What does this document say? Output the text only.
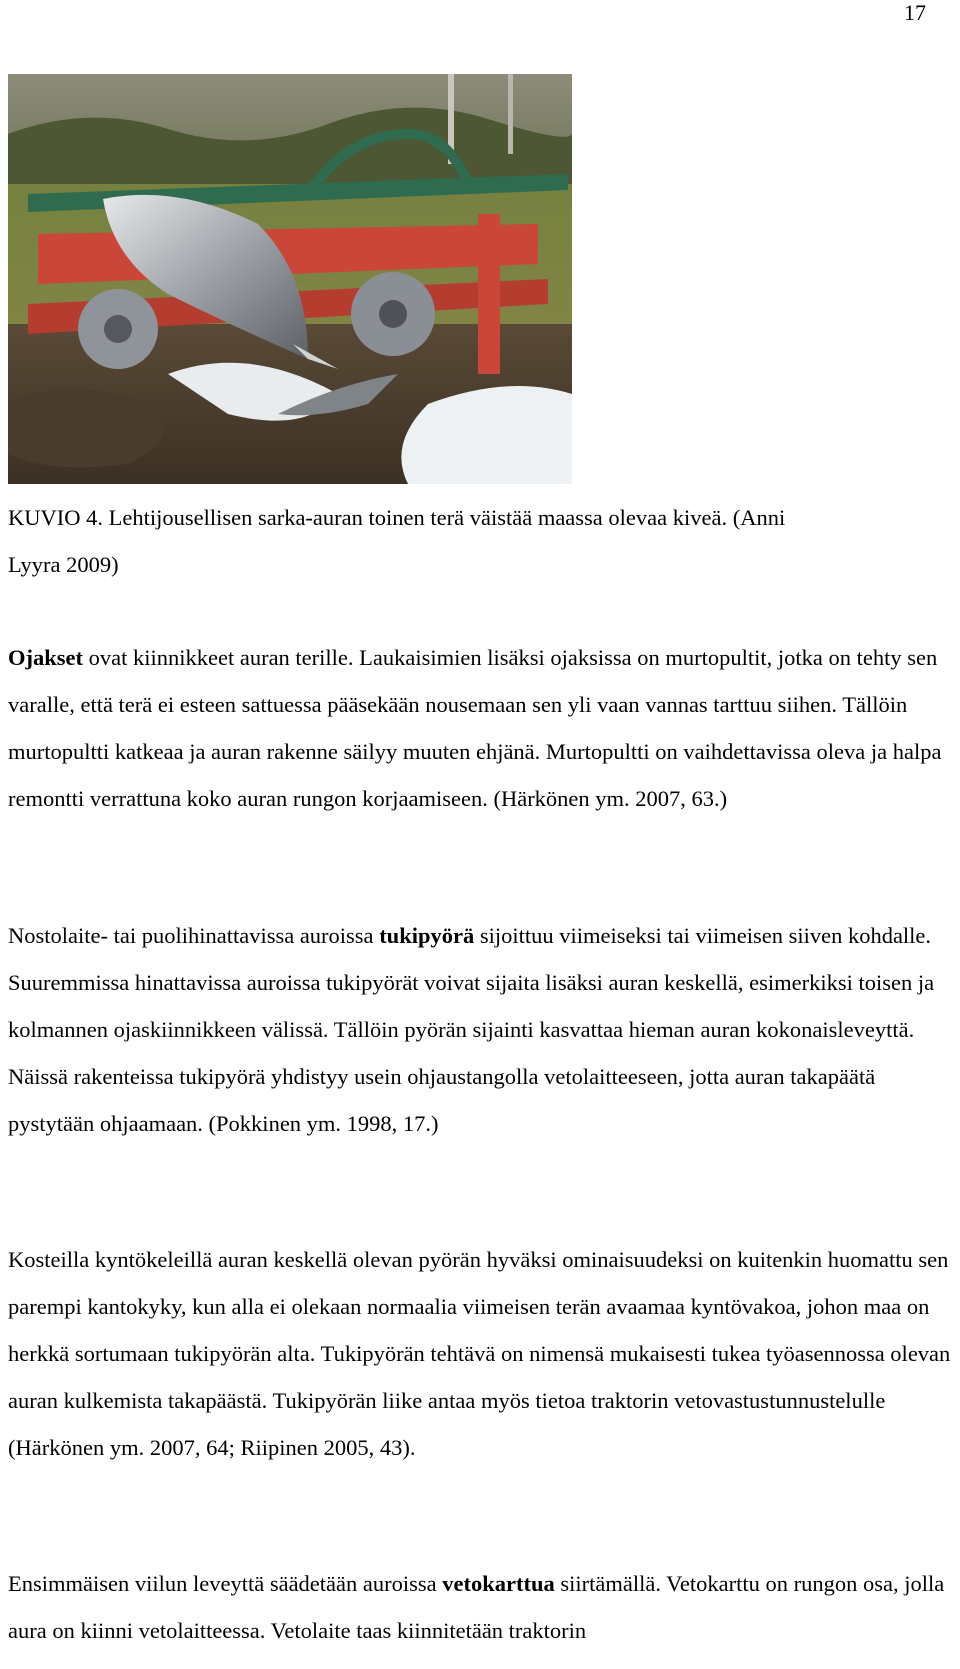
17

KUVIO 4. Lehtijousellisen sarka-auran toinen terä väistää maassa olevaa kiveä. (Anni

Lyyra 2009)

Ojakset ovat kiinnikkeet auran terille. Laukaisimien lisäksi ojaksissa on murtopultit, jotka on tehty sen varalle, että terä ei esteen sattuessa pääsekään nousemaan sen yli vaan vannas tarttuu siihen. Tällöin murtopultti katkeaa ja auran rakenne säilyy muuten ehjänä. Murtopultti on vaihdettavissa oleva ja halpa remontti verrattuna koko auran rungon korjaamiseen. (Härkönen ym. 2007, 63.)

Nostolaite- tai puolihinattavissa auroissa tukipyörä sijoittuu viimeiseksi tai viimeisen siiven kohdalle. Suuremmissa hinattavissa auroissa tukipyörät voivat sijaita lisäksi auran keskellä, esimerkiksi toisen ja kolmannen ojaskiinnikkeen välissä. Tällöin pyörän sijainti kasvattaa hieman auran kokonaisleveyttä. Näissä rakenteissa tukipyörä yhdistyy usein ohjaustangolla vetolaitteeseen, jotta auran takapäätä pystytään ohjaamaan. (Pokkinen ym. 1998, 17.)

Kosteilla kyntökeleillä auran keskellä olevan pyörän hyväksi ominaisuudeksi on kuitenkin huomattu sen parempi kantokyky, kun alla ei olekaan normaalia viimeisen terän avaamaa kyntövakoa, johon maa on herkkä sortumaan tukipyörän alta. Tukipyörän tehtävä on nimensä mukaisesti tukea työasennossa olevan auran kulkemista takapäästä. Tukipyörän liike antaa myös tietoa traktorin vetovastustunnustelulle (Härkönen ym. 2007, 64; Riipinen 2005, 43).

Ensimmäisen viilun leveyttä säädetään auroissa vetokarttua siirtämällä. Vetokarttu on rungon osa, jolla aura on kiinni vetolaitteessa. Vetolaite taas kiinnitetään traktorin
